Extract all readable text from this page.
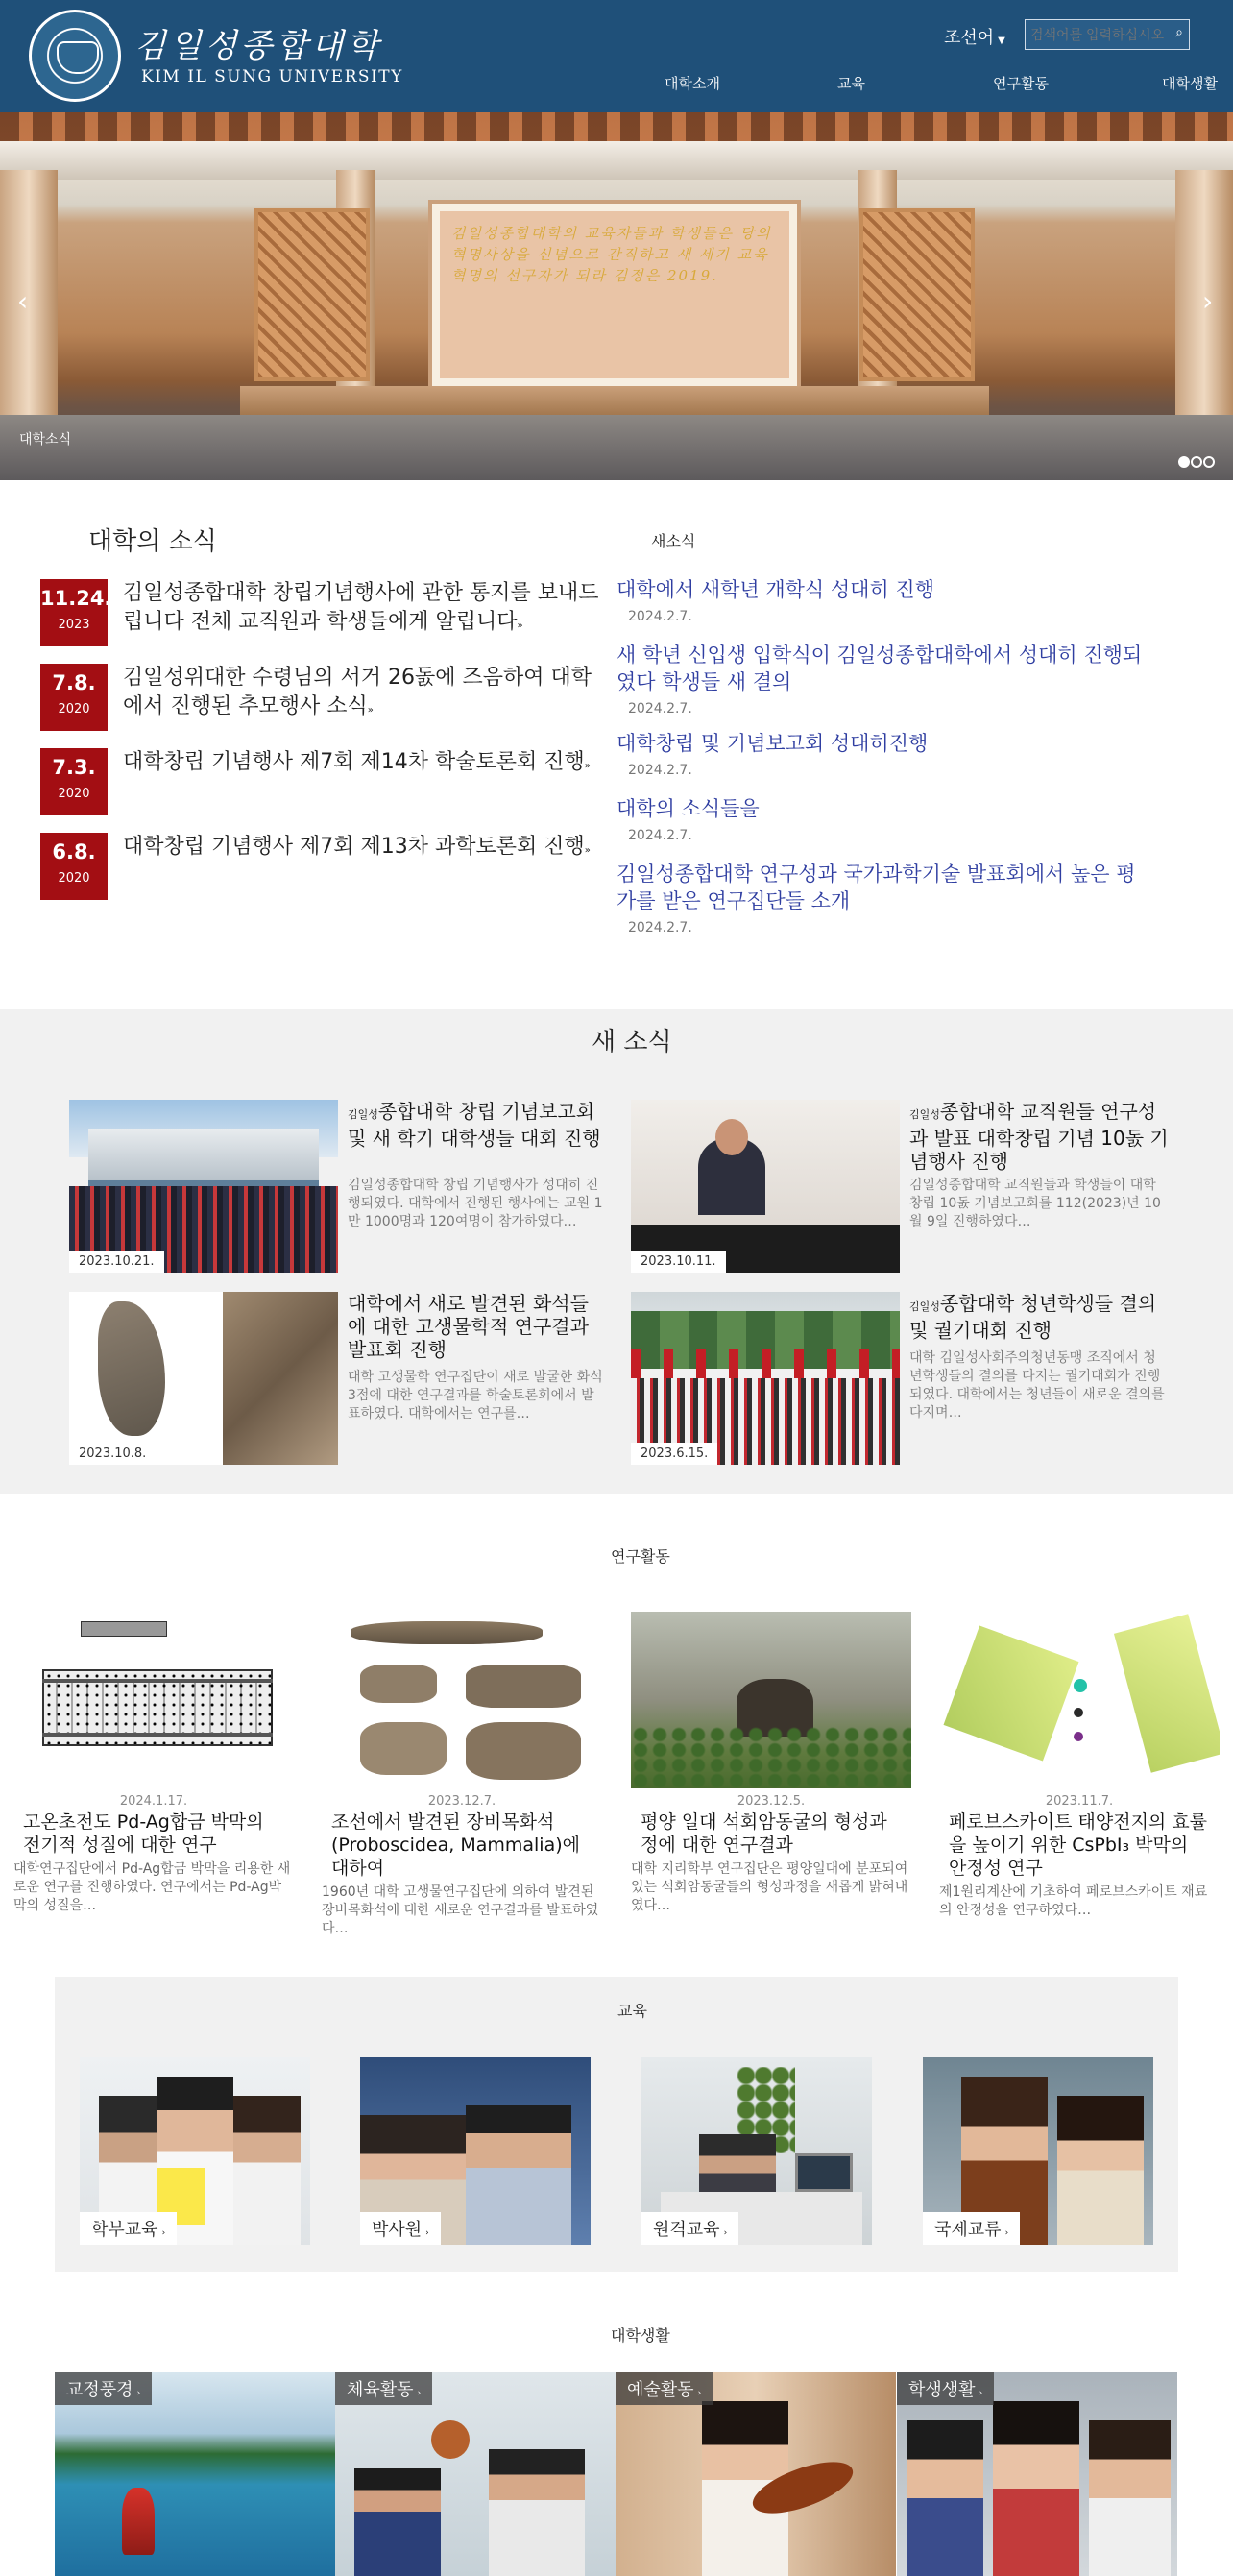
김일성종합대학
KIM IL SUNG UNIVERSITY
조선어 ▼
검색어를 입력하십시오.
⌕
대학소개	교육	연구활동	대학생활
김일성종합대학의 교육자들과 학생들은 당의 혁명사상을 신념으로 간직하고 새 세기 교육혁명의 선구자가 되라 김정은 2019.
‹	›
대학소식
대학의 소식
11.24.
2023
김일성종합대학 창립기념행사에 관한 통지를 보내드립니다 전체 교직원과 학생들에게 알립니다»
7.8.
2020
김일성위대한 수령님의 서거 26돐에 즈음하여 대학에서 진행된 추모행사 소식»
7.3.
2020
대학창립 기념행사 제7회 제14차 학술토론회 진행»
6.8.
2020
대학창립 기념행사 제7회 제13차 과학토론회 진행»
새소식
대학에서 새학년 개학식 성대히 진행
2024.2.7.
새 학년 신입생 입학식이 김일성종합대학에서 성대히 진행되였다 학생들 새 결의
2024.2.7.
대학창립 및 기념보고회 성대히진행
2024.2.7.
대학의 소식들을
2024.2.7.
김일성종합대학 연구성과 국가과학기술 발표회에서 높은 평가를 받은 연구집단들 소개
2024.2.7.
새 소식
2023.10.21.
김일성종합대학 창립 기념보고회 및 새 학기 대학생들 대회 진행
김일성종합대학 창립 기념행사가 성대히 진행되였다. 대학에서 진행된 행사에는 교원 1만 1000명과 120여명이 참가하였다…
2023.10.11.
김일성종합대학 교직원들 연구성과 발표 대학창립 기념 10돐 기념행사 진행
김일성종합대학 교직원들과 학생들이 대학창립 10돐 기념보고회를 112(2023)년 10월 9일 진행하였다…
2023.10.8.
대학에서 새로 발견된 화석들에 대한 고생물학적 연구결과 발표회 진행
대학 고생물학 연구집단이 새로 발굴한 화석 3점에 대한 연구결과를 학술토론회에서 발표하였다. 대학에서는 연구를…
2023.6.15.
김일성종합대학 청년학생들 결의 및 궐기대회 진행
대학 김일성사회주의청년동맹 조직에서 청년학생들의 결의를 다지는 궐기대회가 진행되였다. 대학에서는 청년들이 새로운 결의를 다지며…
연구활동
2024.1.17.
고온초전도 Pd-Ag합금 박막의 전기적 성질에 대한 연구
대학연구집단에서 Pd-Ag합금 박막을 리용한 새로운 연구를 진행하였다. 연구에서는 Pd-Ag박막의 성질을…
2023.12.7.
조선에서 발견된 장비목화석 (Proboscidea, Mammalia)에 대하여
1960년 대학 고생물연구집단에 의하여 발견된 장비목화석에 대한 새로운 연구결과를 발표하였다…
2023.12.5.
평양 일대 석회암동굴의 형성과정에 대한 연구결과
대학 지리학부 연구집단은 평양일대에 분포되여있는 석회암동굴들의 형성과정을 새롭게 밝혀내였다…
2023.11.7.
페로브스카이트 태양전지의 효률을 높이기 위한 CsPbI₃ 박막의 안정성 연구
제1원리계산에 기초하여 페로브스카이트 재료의 안정성을 연구하였다…
교육
학부교육 ›	박사원 ›	원격교육 ›	국제교류 ›
대학생활
교정풍경 ›	체육활동 ›	예술활동 ›	학생생활 ›
